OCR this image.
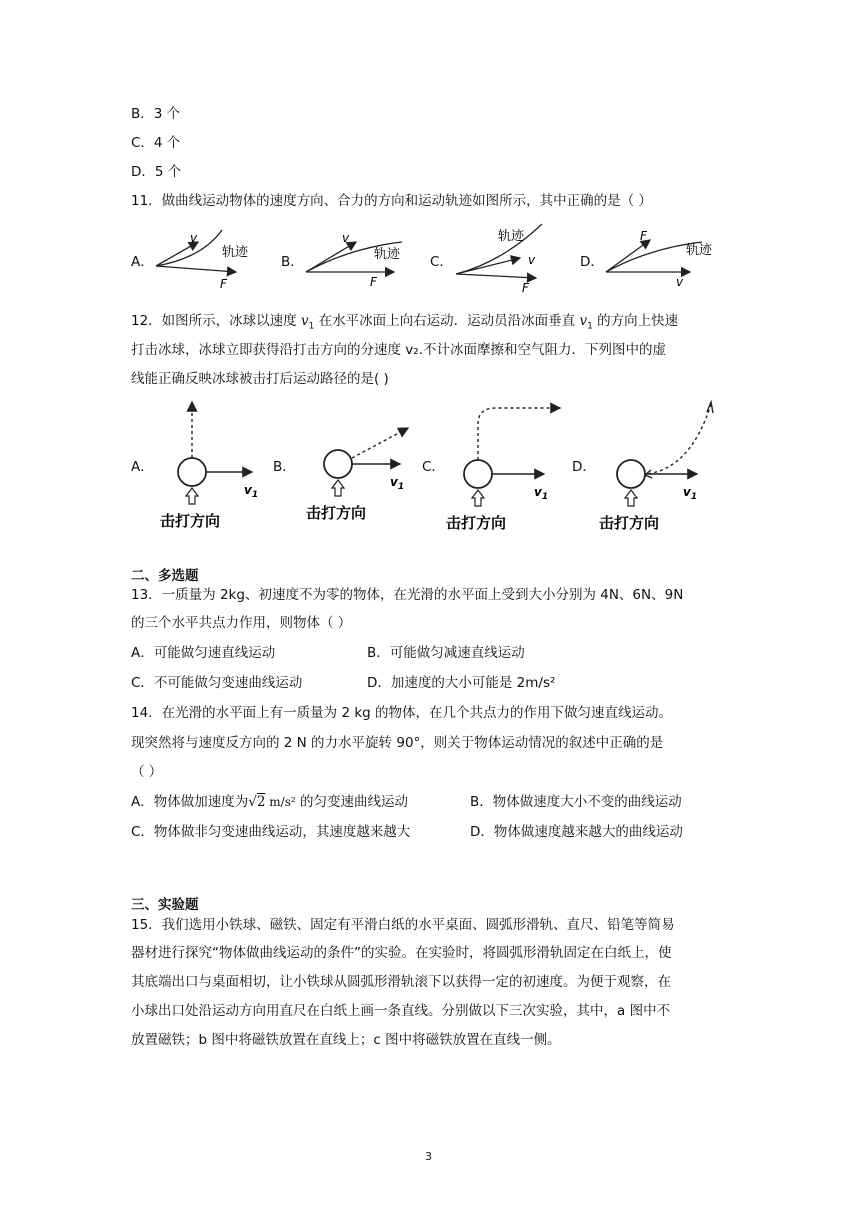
B．3 个
C．4 个
D．5 个
11．做曲线运动物体的速度方向、合力的方向和运动轨迹如图所示，其中正确的是（ ）
A．
v
轨迹
F
B．
v
轨迹
F
C．
轨迹
v
F
D．
F
轨迹
v
12．如图所示，冰球以速度 $v_1$ 在水平冰面上向右运动．运动员沿冰面垂直 $v_1$ 的方向上快速
打击冰球，冰球立即获得沿打击方向的分速度 v₂.不计冰面摩擦和空气阻力．下列图中的虚
线能正确反映冰球被击打后运动路径的是( )
A．
$v_1$
击打方向
B．
$v_1$
击打方向
C．
$v_1$
击打方向
D．
$v_1$
击打方向
二、多选题
13．一质量为 2kg、初速度不为零的物体，在光滑的水平面上受到大小分别为 4N、6N、9N
的三个水平共点力作用，则物体（ ）
A．可能做匀速直线运动	B．可能做匀减速直线运动
C．不可能做匀变速曲线运动	D．加速度的大小可能是 2m/s²
14．在光滑的水平面上有一质量为 2 kg 的物体，在几个共点力的作用下做匀速直线运动。
现突然将与速度反方向的 2 N 的力水平旋转 90°，则关于物体运动情况的叙述中正确的是
（ ）
A．物体做加速度为√2 m/s² 的匀变速曲线运动	B．物体做速度大小不变的曲线运动
C．物体做非匀变速曲线运动，其速度越来越大	D．物体做速度越来越大的曲线运动
三、实验题
15．我们选用小铁球、磁铁、固定有平滑白纸的水平桌面、圆弧形滑轨、直尺、铅笔等简易
器材进行探究“物体做曲线运动的条件”的实验。在实验时，将圆弧形滑轨固定在白纸上，使
其底端出口与桌面相切，让小铁球从圆弧形滑轨滚下以获得一定的初速度。为便于观察，在
小球出口处沿运动方向用直尺在白纸上画一条直线。分别做以下三次实验，其中，a 图中不
放置磁铁；b 图中将磁铁放置在直线上；c 图中将磁铁放置在直线一侧。
3
